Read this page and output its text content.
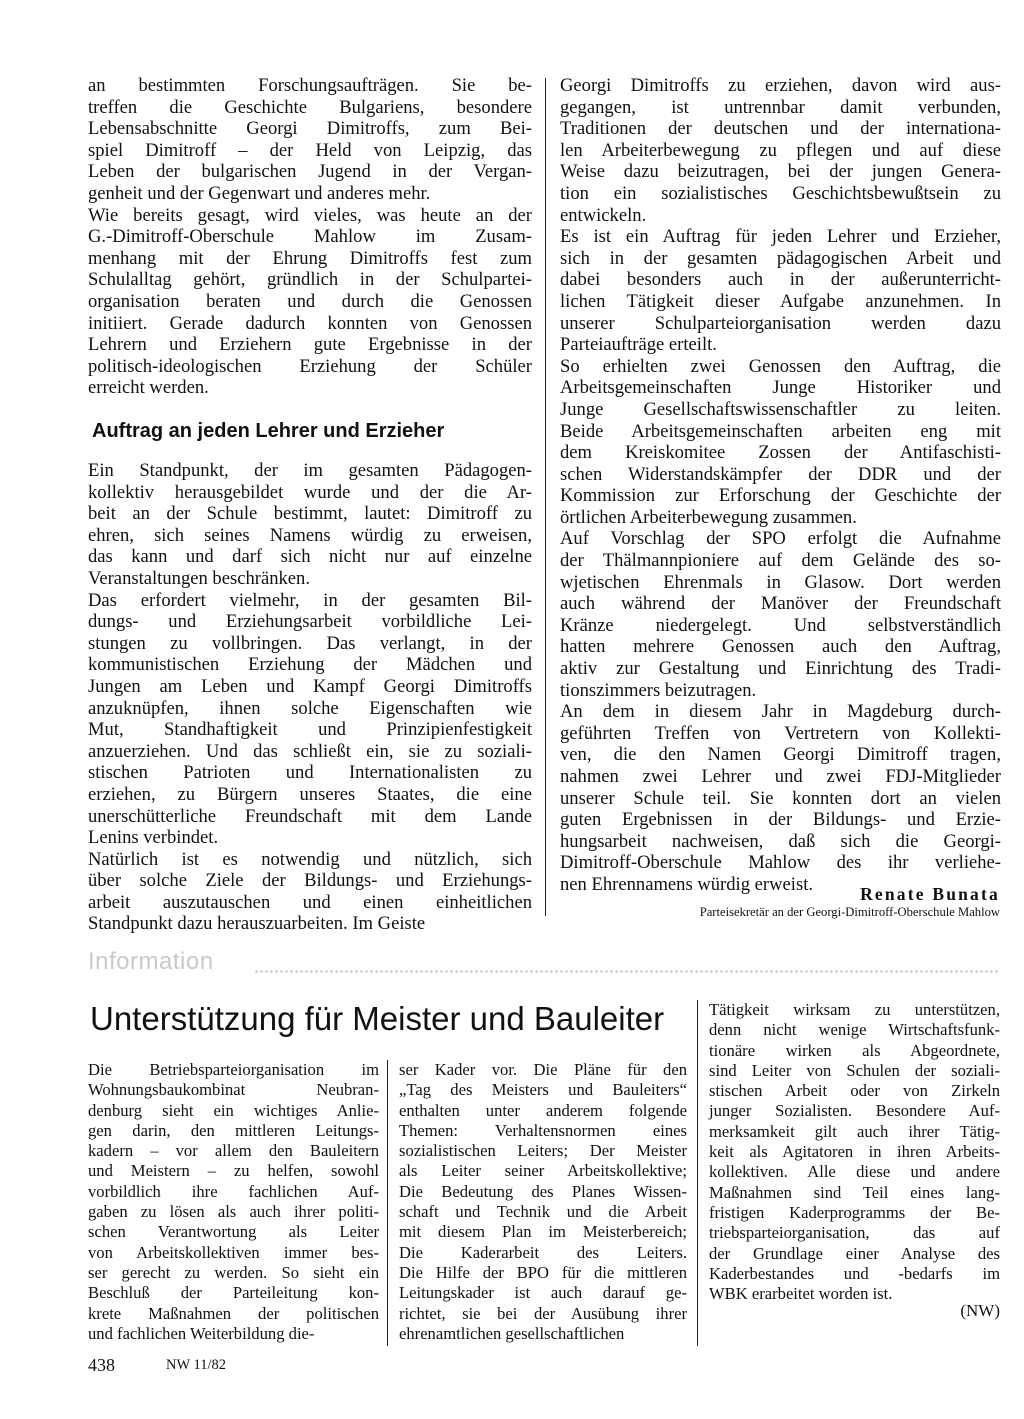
an bestimmten Forschungsaufträgen. Sie be-
treffen die Geschichte Bulgariens, besondere
Lebensabschnitte Georgi Dimitroffs, zum Bei-
spiel Dimitroff – der Held von Leipzig, das
Leben der bulgarischen Jugend in der Vergan-
genheit und der Gegenwart und anderes mehr.
Wie bereits gesagt, wird vieles, was heute an der
G.-Dimitroff-Oberschule Mahlow im Zusam-
menhang mit der Ehrung Dimitroffs fest zum
Schulalltag gehört, gründlich in der Schulpartei-
organisation beraten und durch die Genossen
initiiert. Gerade dadurch konnten von Genossen
Lehrern und Erziehern gute Ergebnisse in der
politisch-ideologischen Erziehung der Schüler
erreicht werden.
Auftrag an jeden Lehrer und Erzieher
Ein Standpunkt, der im gesamten Pädagogen-
kollektiv herausgebildet wurde und der die Ar-
beit an der Schule bestimmt, lautet: Dimitroff zu
ehren, sich seines Namens würdig zu erweisen,
das kann und darf sich nicht nur auf einzelne
Veranstaltungen beschränken.
Das erfordert vielmehr, in der gesamten Bil-
dungs- und Erziehungsarbeit vorbildliche Lei-
stungen zu vollbringen. Das verlangt, in der
kommunistischen Erziehung der Mädchen und
Jungen am Leben und Kampf Georgi Dimitroffs
anzuknüpfen, ihnen solche Eigenschaften wie
Mut, Standhaftigkeit und Prinzipienfestigkeit
anzuerziehen. Und das schließt ein, sie zu soziali-
stischen Patrioten und Internationalisten zu
erziehen, zu Bürgern unseres Staates, die eine
unerschütterliche Freundschaft mit dem Lande
Lenins verbindet.
Natürlich ist es notwendig und nützlich, sich
über solche Ziele der Bildungs- und Erziehungs-
arbeit auszutauschen und einen einheitlichen
Standpunkt dazu herauszuarbeiten. Im Geiste
Georgi Dimitroffs zu erziehen, davon wird aus-
gegangen, ist untrennbar damit verbunden,
Traditionen der deutschen und der internationa-
len Arbeiterbewegung zu pflegen und auf diese
Weise dazu beizutragen, bei der jungen Genera-
tion ein sozialistisches Geschichtsbewußtsein zu
entwickeln.
Es ist ein Auftrag für jeden Lehrer und Erzieher,
sich in der gesamten pädagogischen Arbeit und
dabei besonders auch in der außerunterricht-
lichen Tätigkeit dieser Aufgabe anzunehmen. In
unserer Schulparteiorganisation werden dazu
Parteiaufträge erteilt.
So erhielten zwei Genossen den Auftrag, die
Arbeitsgemeinschaften Junge Historiker und
Junge Gesellschaftswissenschaftler zu leiten.
Beide Arbeitsgemeinschaften arbeiten eng mit
dem Kreiskomitee Zossen der Antifaschisti-
schen Widerstandskämpfer der DDR und der
Kommission zur Erforschung der Geschichte der
örtlichen Arbeiterbewegung zusammen.
Auf Vorschlag der SPO erfolgt die Aufnahme
der Thälmannpioniere auf dem Gelände des so-
wjetischen Ehrenmals in Glasow. Dort werden
auch während der Manöver der Freundschaft
Kränze niedergelegt. Und selbstverständlich
hatten mehrere Genossen auch den Auftrag,
aktiv zur Gestaltung und Einrichtung des Tradi-
tionszimmers beizutragen.
An dem in diesem Jahr in Magdeburg durch-
geführten Treffen von Vertretern von Kollekti-
ven, die den Namen Georgi Dimitroff tragen,
nahmen zwei Lehrer und zwei FDJ-Mitglieder
unserer Schule teil. Sie konnten dort an vielen
guten Ergebnissen in der Bildungs- und Erzie-
hungsarbeit nachweisen, daß sich die Georgi-
Dimitroff-Oberschule Mahlow des ihr verliehe-
nen Ehrennamens würdig erweist.	Renate Bunata
Parteisekretär an der Georgi-Dimitroff-Oberschule Mahlow
Information
Unterstützung für Meister und Bauleiter
Die Betriebsparteiorganisation im
Wohnungsbaukombinat Neubran-
denburg sieht ein wichtiges Anlie-
gen darin, den mittleren Leitungs-
kadern – vor allem den Bauleitern
und Meistern – zu helfen, sowohl
vorbildlich ihre fachlichen Auf-
gaben zu lösen als auch ihrer politi-
schen Verantwortung als Leiter
von Arbeitskollektiven immer bes-
ser gerecht zu werden. So sieht ein
Beschluß der Parteileitung kon-
krete Maßnahmen der politischen
und fachlichen Weiterbildung die-
ser Kader vor. Die Pläne für den
„Tag des Meisters und Bauleiters“
enthalten unter anderem folgende
Themen: Verhaltensnormen eines
sozialistischen Leiters; Der Meister
als Leiter seiner Arbeitskollektive;
Die Bedeutung des Planes Wissen-
schaft und Technik und die Arbeit
mit diesem Plan im Meisterbereich;
Die Kaderarbeit des Leiters.
Die Hilfe der BPO für die mittleren
Leitungskader ist auch darauf ge-
richtet, sie bei der Ausübung ihrer
ehrenamtlichen gesellschaftlichen
Tätigkeit wirksam zu unterstützen,
denn nicht wenige Wirtschaftsfunk-
tionäre wirken als Abgeordnete,
sind Leiter von Schulen der soziali-
stischen Arbeit oder von Zirkeln
junger Sozialisten. Besondere Auf-
merksamkeit gilt auch ihrer Tätig-
keit als Agitatoren in ihren Arbeits-
kollektiven. Alle diese und andere
Maßnahmen sind Teil eines lang-
fristigen Kaderprogramms der Be-
triebsparteiorganisation, das auf
der Grundlage einer Analyse des
Kaderbestandes und -bedarfs im
WBK erarbeitet worden ist.
(NW)
438	NW 11/82
